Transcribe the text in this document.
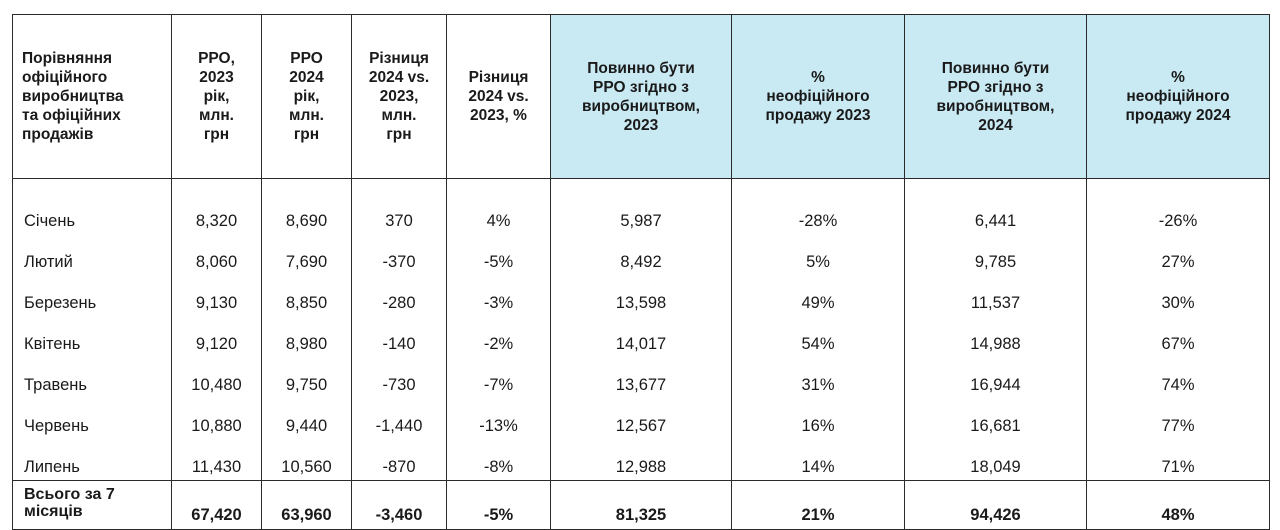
Порівняння
офіційного
виробництва
та офіційних
продажів	РРО,
2023
рік,
млн.
грн	РРО
2024
рік,
млн.
грн	Різниця
2024 vs.
2023,
млн.
грн	Різниця
2024 vs.
2023, %	Повинно бути
РРО згідно з
виробництвом,
2023	%
неофіційного
продажу 2023	Повинно бути
РРО згідно з
виробництвом,
2024	%
неофіційного
продажу 2024

Січень	8,320	8,690	370	4%	5,987	-28%	6,441	-26%
Лютий	8,060	7,690	-370	-5%	8,492	5%	9,785	27%
Березень	9,130	8,850	-280	-3%	13,598	49%	11,537	30%
Квітень	9,120	8,980	-140	-2%	14,017	54%	14,988	67%
Травень	10,480	9,750	-730	-7%	13,677	31%	16,944	74%
Червень	10,880	9,440	-1,440	-13%	12,567	16%	16,681	77%
Липень	11,430	10,560	-870	-8%	12,988	14%	18,049	71%
Всього за 7
місяців	67,420	63,960	-3,460	-5%	81,325	21%	94,426	48%
